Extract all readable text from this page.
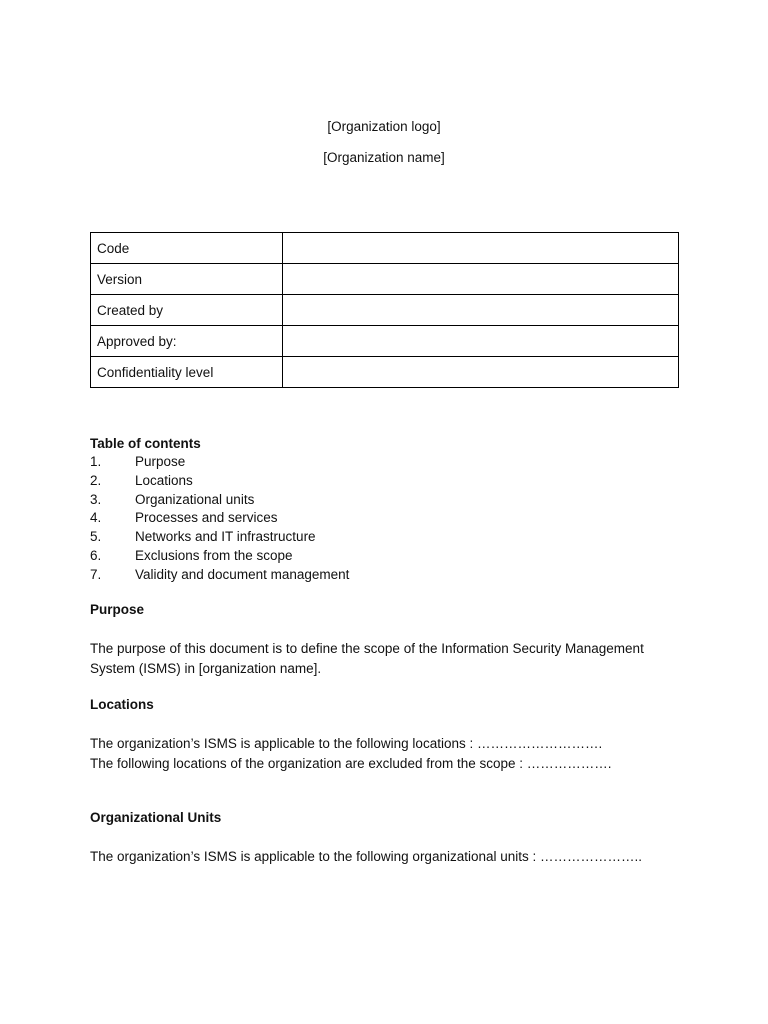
[Organization logo]
[Organization name]
Code	
Version	
Created by	
Approved by:	
Confidentiality level	
Table of contents
1.	Purpose
2.	Locations
3.	Organizational units
4.	Processes and services
5.	Networks and IT infrastructure
6.	Exclusions from the scope
7.	Validity and document management
Purpose

The purpose of this document is to define the scope of the Information Security Management System (ISMS) in [organization name].

Locations

The organization’s ISMS is applicable to the following locations : ……………………….

The following locations of the organization are excluded from the scope : ……………….

Organizational Units

The organization’s ISMS is applicable to the following organizational units : …………………..
